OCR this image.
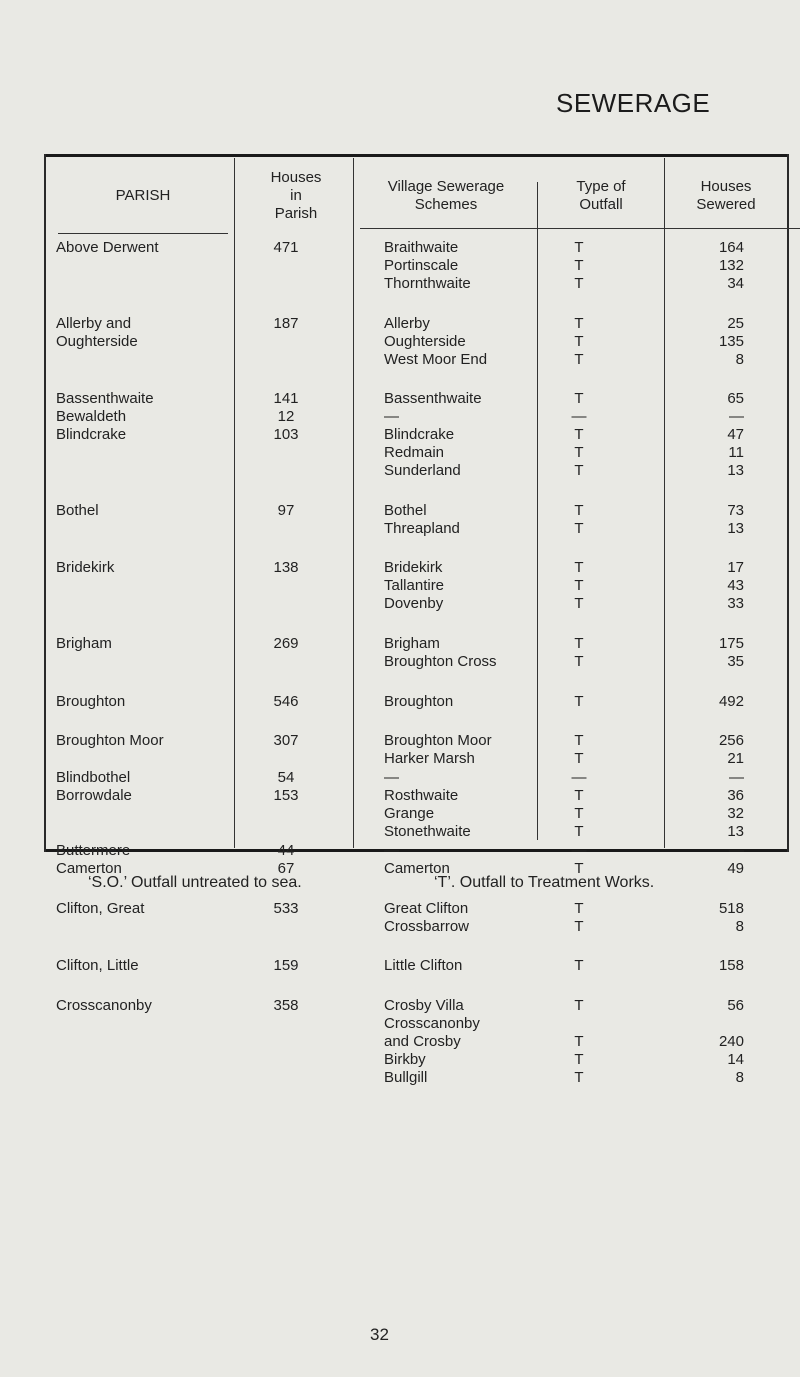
SEWERAGE
PARISH
Houses
in
Parish
Village Sewerage
Schemes
Type of
Outfall
Houses
Sewered
Above Derwent	471	Braithwaite	T	164
Portinscale	T	132
Thornthwaite	T	34
Allerby and	187	Allerby	T	25
Oughterside	Oughterside	T	135
West Moor End	T	8
Bassenthwaite	141	Bassenthwaite	T	65
Bewaldeth	12	—	—	—
Blindcrake	103	Blindcrake	T	47
Redmain	T	11
Sunderland	T	13
Bothel	97	Bothel	T	73
Threapland	T	13
Bridekirk	138	Bridekirk	T	17
Tallantire	T	43
Dovenby	T	33
Brigham	269	Brigham	T	175
Broughton Cross	T	35
Broughton	546	Broughton	T	492
Broughton Moor	307	Broughton Moor	T	256
Harker Marsh	T	21
Blindbothel	54	—	—	—
Borrowdale	153	Rosthwaite	T	36
Grange	T	32
Stonethwaite	T	13
Buttermere	44	—	—	—
Camerton	67	Camerton	T	49
Clifton, Great	533	Great Clifton	T	518
Crossbarrow	T	8
Clifton, Little	159	Little Clifton	T	158
Crosscanonby	358	Crosby Villa	T	56
Crosscanonby
and Crosby	T	240
Birkby	T	14
Bullgill	T	8
‘S.O.’ Outfall untreated to sea.	‘T’. Outfall to Treatment Works.
32
